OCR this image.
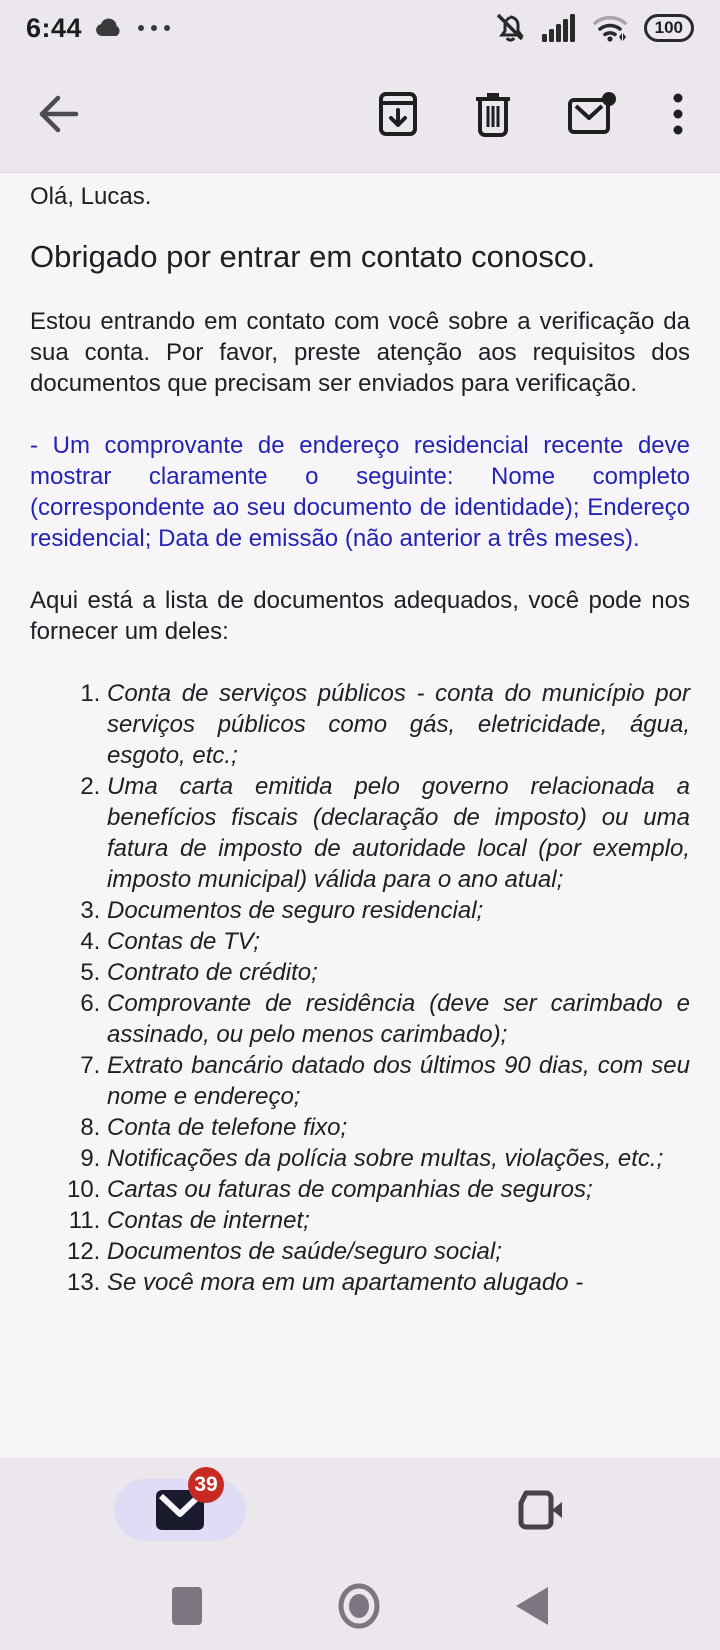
6:44	100

Olá, Lucas.

Obrigado por entrar em contato conosco.

Estou entrando em contato com você sobre a verificação da sua conta. Por favor, preste atenção aos requisitos dos documentos que precisam ser enviados para verificação.

- Um comprovante de endereço residencial recente deve mostrar claramente o seguinte: Nome completo (correspondente ao seu documento de identidade); Endereço residencial; Data de emissão (não anterior a três meses).

Aqui está a lista de documentos adequados, você pode nos fornecer um deles:

1. Conta de serviços públicos - conta do município por serviços públicos como gás, eletricidade, água, esgoto, etc.;
2. Uma carta emitida pelo governo relacionada a benefícios fiscais (declaração de imposto) ou uma fatura de imposto de autoridade local (por exemplo, imposto municipal) válida para o ano atual;
3. Documentos de seguro residencial;
4. Contas de TV;
5. Contrato de crédito;
6. Comprovante de residência (deve ser carimbado e assinado, ou pelo menos carimbado);
7. Extrato bancário datado dos últimos 90 dias, com seu nome e endereço;
8. Conta de telefone fixo;
9. Notificações da polícia sobre multas, violações, etc.;
10. Cartas ou faturas de companhias de seguros;
11. Contas de internet;
12. Documentos de saúde/seguro social;
13. Se você mora em um apartamento alugado -
39
